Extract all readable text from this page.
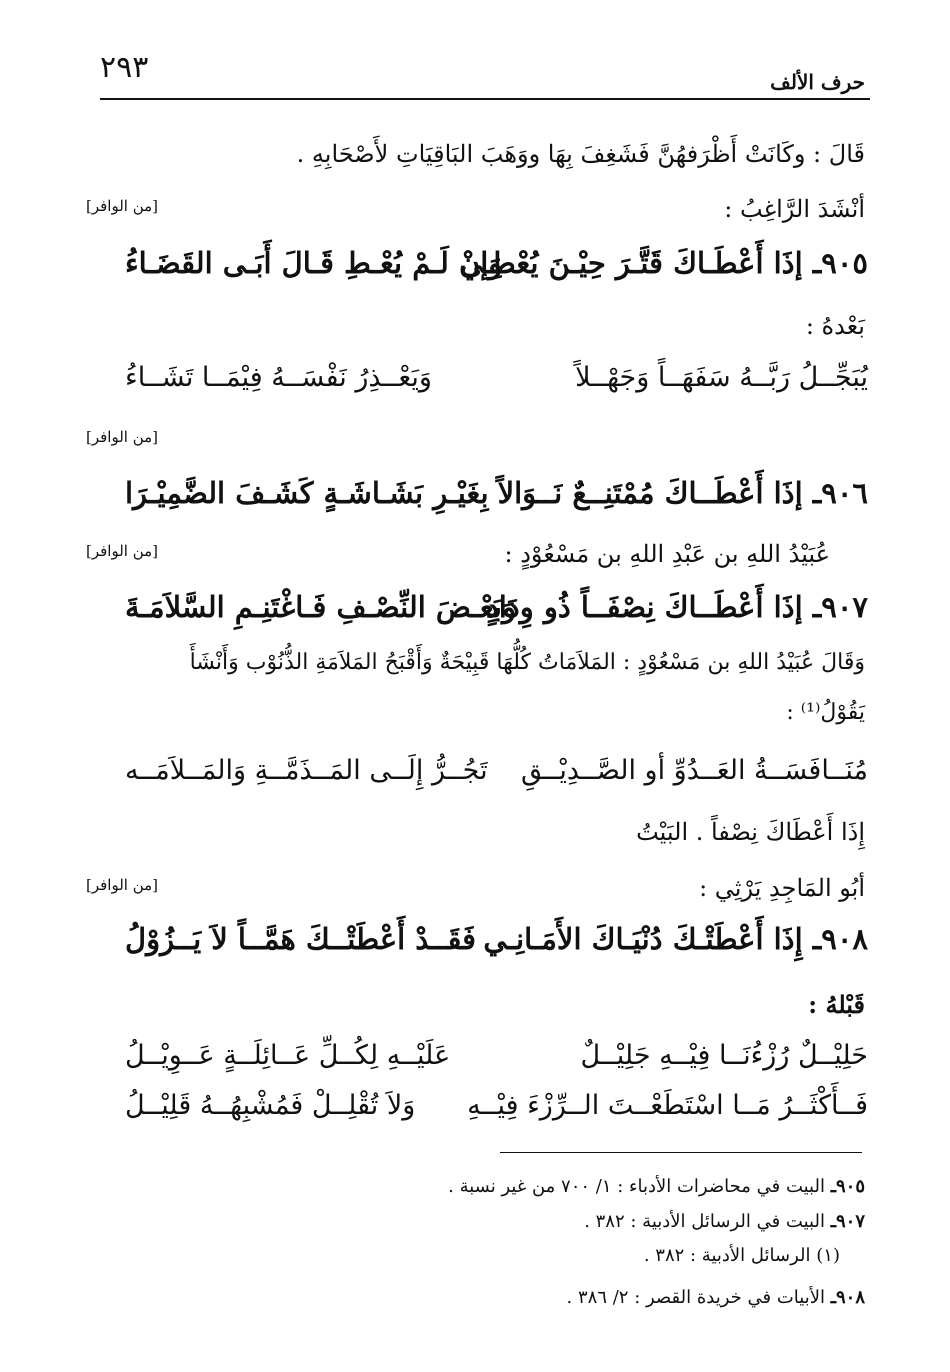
٢٩٣	حرف الألف
قَالَ : وكَانَتْ أَظْرَفهُنَّ فَشَغِفَ بِهَا ووَهَبَ البَاقِيَاتِ لأَصْحَابِهِ .
أنْشَدَ الرَّاغِبُ :
[من الوافر]
٩٠٥ـ إذَا أَعْطَـاكَ قَتَّـرَ حِيْـنَ يُعْطِـي
وَإنْ لَـمْ يُعْـطِ قَـالَ أَبَـى القَضَـاءُ
بَعْدهُ :
يُبَجِّــلُ رَبَّــهُ سَفَهَــاً وَجَهْــلاً
وَيَعْــذِرُ نَفْسَــهُ فِيْمَــا تَشَــاءُ
[من الوافر]
٩٠٦ـ إذَا أَعْطَــاكَ مُمْتَنِــعٌ نَــوَالاً
بِغَيْـرِ بَشَـاشَـةٍ كَشَـفَ الضَّمِيْـرَا
عُبَيْدُ اللهِ بن عَبْدِ اللهِ بن مَسْعُوْدٍ :
[من الوافر]
٩٠٧ـ إذَا أَعْطَــاكَ نِصْفَــاً ذُو وِدَادٍ
وَبَعْـضَ النِّصْـفِ فَـاغْتَنِـمِ السَّلاَمَـةَ
وَقَالَ عُبَيْدُ اللهِ بن مَسْعُوْدٍ : المَلاَمَاتُ كُلُّهَا قَبِيْحَةٌ وَأَقْبَحُ المَلاَمَةِ الذُّنُوْب وَأَنْشَأَ
يَقُوْلُ⁽¹⁾ :
مُنَــافَسَــةُ العَــدُوِّ أو الصَّــدِيْــقِ
تَجُــرُّ إِلَــى المَــذَمَّــةِ وَالمَــلاَمَــه
إِذَا أَعْطَاكَ نِصْفاً . البَيْتُ
أبُو المَاجِدِ يَرْثِي :
[من الوافر]
٩٠٨ـ إِذَا أَعْطَتْـكَ دُنْيَـاكَ الأَمَـانِـي
فَقَــدْ أَعْطَتْــكَ هَمَّــاً لاَ يَــزُوْلُ
قَبْلهُ :
حَلِيْــلٌ رُزْءُنَــا فِيْــهِ جَلِيْــلٌ
عَلَيْــهِ لِكُــلِّ عَــائِلَــةٍ عَــوِيْــلُ
فَــأَكْثَــرُ مَــا اسْتَطَعْــتَ الــرِّزْءَ فِيْــهِ
وَلاَ تُقْلِــلْ فَمُشْبِهُــهُ قَلِيْــلُ
٩٠٥ـ البيت في محاضرات الأدباء : ١/ ٧٠٠ من غير نسبة .
٩٠٧ـ البيت في الرسائل الأدبية : ٣٨٢ .
(١) الرسائل الأدبية : ٣٨٢ .
٩٠٨ـ الأبيات في خريدة القصر : ٢/ ٣٨٦ .
